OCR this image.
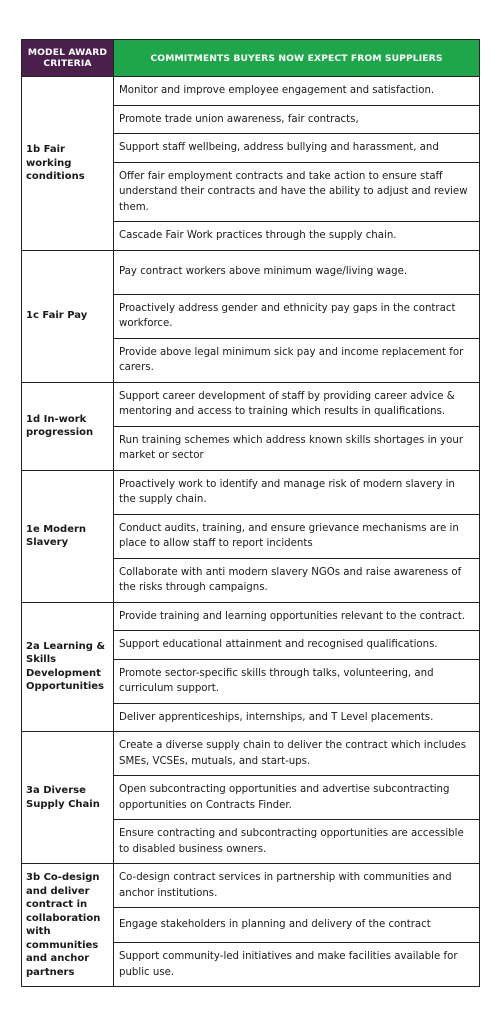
MODEL AWARD CRITERIA	COMMITMENTS BUYERS NOW EXPECT FROM SUPPLIERS
1b Fair working conditions	Monitor and improve employee engagement and satisfaction.
	Promote trade union awareness, fair contracts,
	Support staff wellbeing, address bullying and harassment, and
	Offer fair employment contracts and take action to ensure staff understand their contracts and have the ability to adjust and review them.
	Cascade Fair Work practices through the supply chain.
1c Fair Pay	Pay contract workers above minimum wage/living wage.
	Proactively address gender and ethnicity pay gaps in the contract workforce.
	Provide above legal minimum sick pay and income replacement for carers.
1d In-work progression	Support career development of staff by providing career advice & mentoring and access to training which results in qualifications.
	Run training schemes which address known skills shortages in your market or sector
1e Modern Slavery	Proactively work to identify and manage risk of modern slavery in the supply chain.
	Conduct audits, training, and ensure grievance mechanisms are in place to allow staff to report incidents
	Collaborate with anti modern slavery NGOs and raise awareness of the risks through campaigns.
2a Learning & Skills Development Opportunities	Provide training and learning opportunities relevant to the contract.
	Support educational attainment and recognised qualifications.
	Promote sector-specific skills through talks, volunteering, and curriculum support.
	Deliver apprenticeships, internships, and T Level placements.
3a Diverse Supply Chain	Create a diverse supply chain to deliver the contract which includes SMEs, VCSEs, mutuals, and start-ups.
	Open subcontracting opportunities and advertise subcontracting opportunities on Contracts Finder.
	Ensure contracting and subcontracting opportunities are accessible to disabled business owners.
3b Co-design and deliver contract in collaboration with communities and anchor partners	Co-design contract services in partnership with communities and anchor institutions.
	Engage stakeholders in planning and delivery of the contract
	Support community-led initiatives and make facilities available for public use.
